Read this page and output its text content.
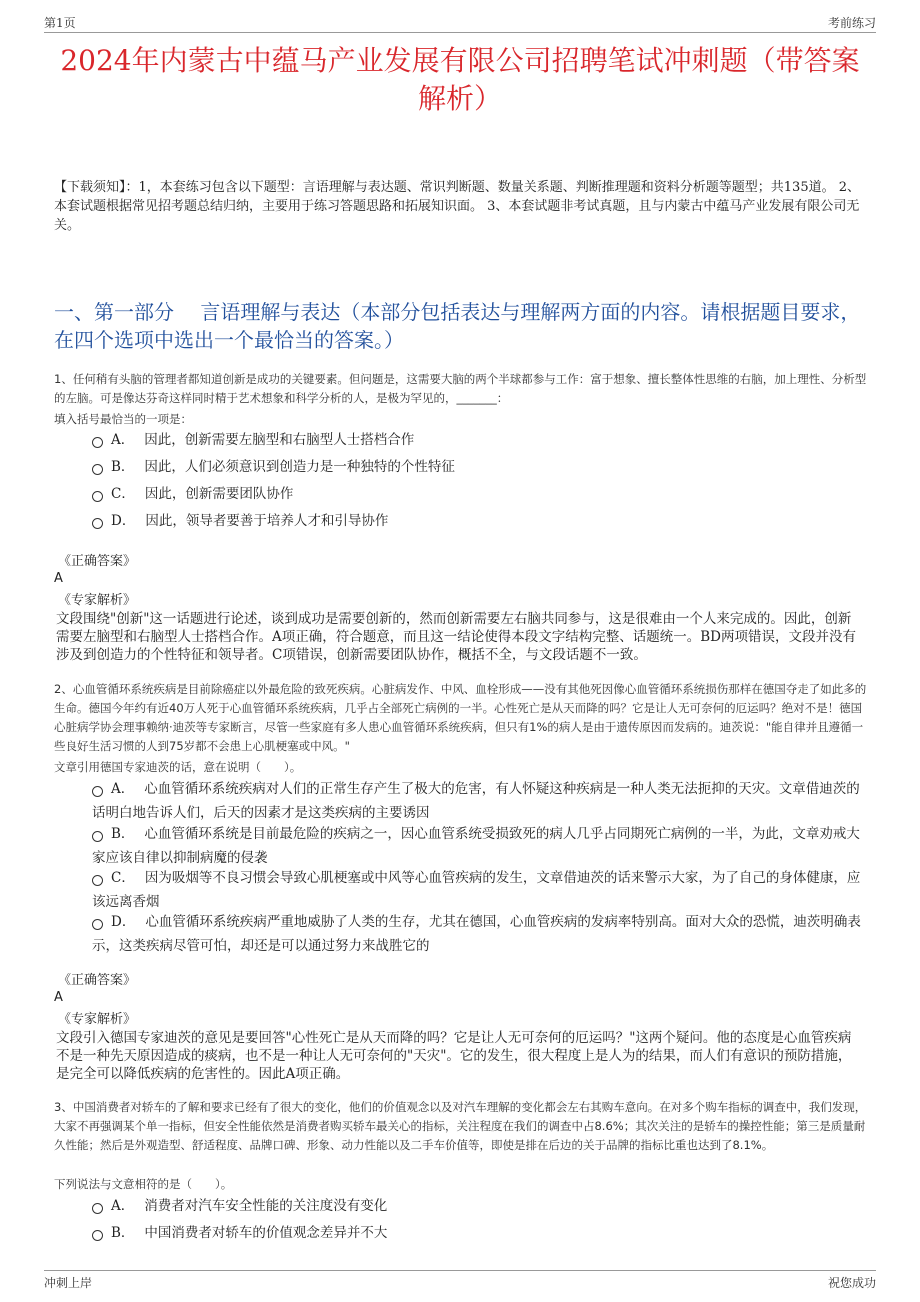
第1页	考前练习
2024年内蒙古中蕴马产业发展有限公司招聘笔试冲刺题（带答案解析）
【下载须知】：1，本套练习包含以下题型：言语理解与表达题、常识判断题、数量关系题、判断推理题和资料分析题等题型；共135道。 2、本套试题根据常见招考题总结归纳，主要用于练习答题思路和拓展知识面。 3、本套试题非考试真题，且与内蒙古中蕴马产业发展有限公司无关。
一、第一部分　 言语理解与表达（本部分包括表达与理解两方面的内容。请根据题目要求，在四个选项中选出一个最恰当的答案。）
1、任何稍有头脑的管理者都知道创新是成功的关键要素。但问题是，这需要大脑的两个半球都参与工作：富于想象、擅长整体性思维的右脑，加上理性、分析型的左脑。可是像达芬奇这样同时精于艺术想象和科学分析的人，是极为罕见的，_______：
填入括号最恰当的一项是：
A． 因此，创新需要左脑型和右脑型人士搭档合作
B． 因此，人们必须意识到创造力是一种独特的个性特征
C． 因此，创新需要团队协作
D． 因此，领导者要善于培养人才和引导协作
《正确答案》
A
《专家解析》
文段围绕"创新"这一话题进行论述，谈到成功是需要创新的，然而创新需要左右脑共同参与，这是很难由一个人来完成的。因此，创新需要左脑型和右脑型人士搭档合作。A项正确，符合题意，而且这一结论使得本段文字结构完整、话题统一。BD两项错误，文段并没有涉及到创造力的个性特征和领导者。C项错误，创新需要团队协作，概括不全，与文段话题不一致。
2、心血管循环系统疾病是目前除癌症以外最危险的致死疾病。心脏病发作、中风、血栓形成——没有其他死因像心血管循环系统损伤那样在德国夺走了如此多的生命。德国今年约有近40万人死于心血管循环系统疾病，几乎占全部死亡病例的一半。心性死亡是从天而降的吗？它是让人无可奈何的厄运吗？绝对不是！德国心脏病学协会理事赖纳·迪茨等专家断言，尽管一些家庭有多人患心血管循环系统疾病，但只有1%的病人是由于遗传原因而发病的。迪茨说："能自律并且遵循一些良好生活习惯的人到75岁都不会患上心肌梗塞或中风。"
文章引用德国专家迪茨的话，意在说明（　　）。
A． 心血管循环系统疾病对人们的正常生存产生了极大的危害，有人怀疑这种疾病是一种人类无法扼抑的天灾。文章借迪茨的话明白地告诉人们，后天的因素才是这类疾病的主要诱因
B． 心血管循环系统是目前最危险的疾病之一，因心血管系统受损致死的病人几乎占同期死亡病例的一半，为此，文章劝戒大家应该自律以抑制病魔的侵袭
C． 因为吸烟等不良习惯会导致心肌梗塞或中风等心血管疾病的发生，文章借迪茨的话来警示大家，为了自己的身体健康，应该远离香烟
D． 心血管循环系统疾病严重地威胁了人类的生存，尤其在德国，心血管疾病的发病率特别高。面对大众的恐慌，迪茨明确表示，这类疾病尽管可怕，却还是可以通过努力来战胜它的
《正确答案》
A
《专家解析》
文段引入德国专家迪茨的意见是要回答"心性死亡是从天而降的吗？它是让人无可奈何的厄运吗？"这两个疑问。他的态度是心血管疾病不是一种先天原因造成的痰病，也不是一种让人无可奈何的"天灾"。它的发生，很大程度上是人为的结果，而人们有意识的预防措施，是完全可以降低疾病的危害性的。因此A项正确。
3、中国消费者对轿车的了解和要求已经有了很大的变化，他们的价值观念以及对汽车理解的变化都会左右其购车意向。在对多个购车指标的调查中，我们发现，大家不再强调某个单一指标，但安全性能依然是消费者购买轿车最关心的指标，关注程度在我们的调查中占8.6%；其次关注的是轿车的操控性能；第三是质量耐久性能；然后是外观造型、舒适程度、品牌口碑、形象、动力性能以及二手车价值等，即使是排在后边的关于品牌的指标比重也达到了8.1%。
下列说法与文意相符的是（　　）。
A． 消费者对汽车安全性能的关注度没有变化
B． 中国消费者对轿车的价值观念差异并不大
冲刺上岸	祝您成功
